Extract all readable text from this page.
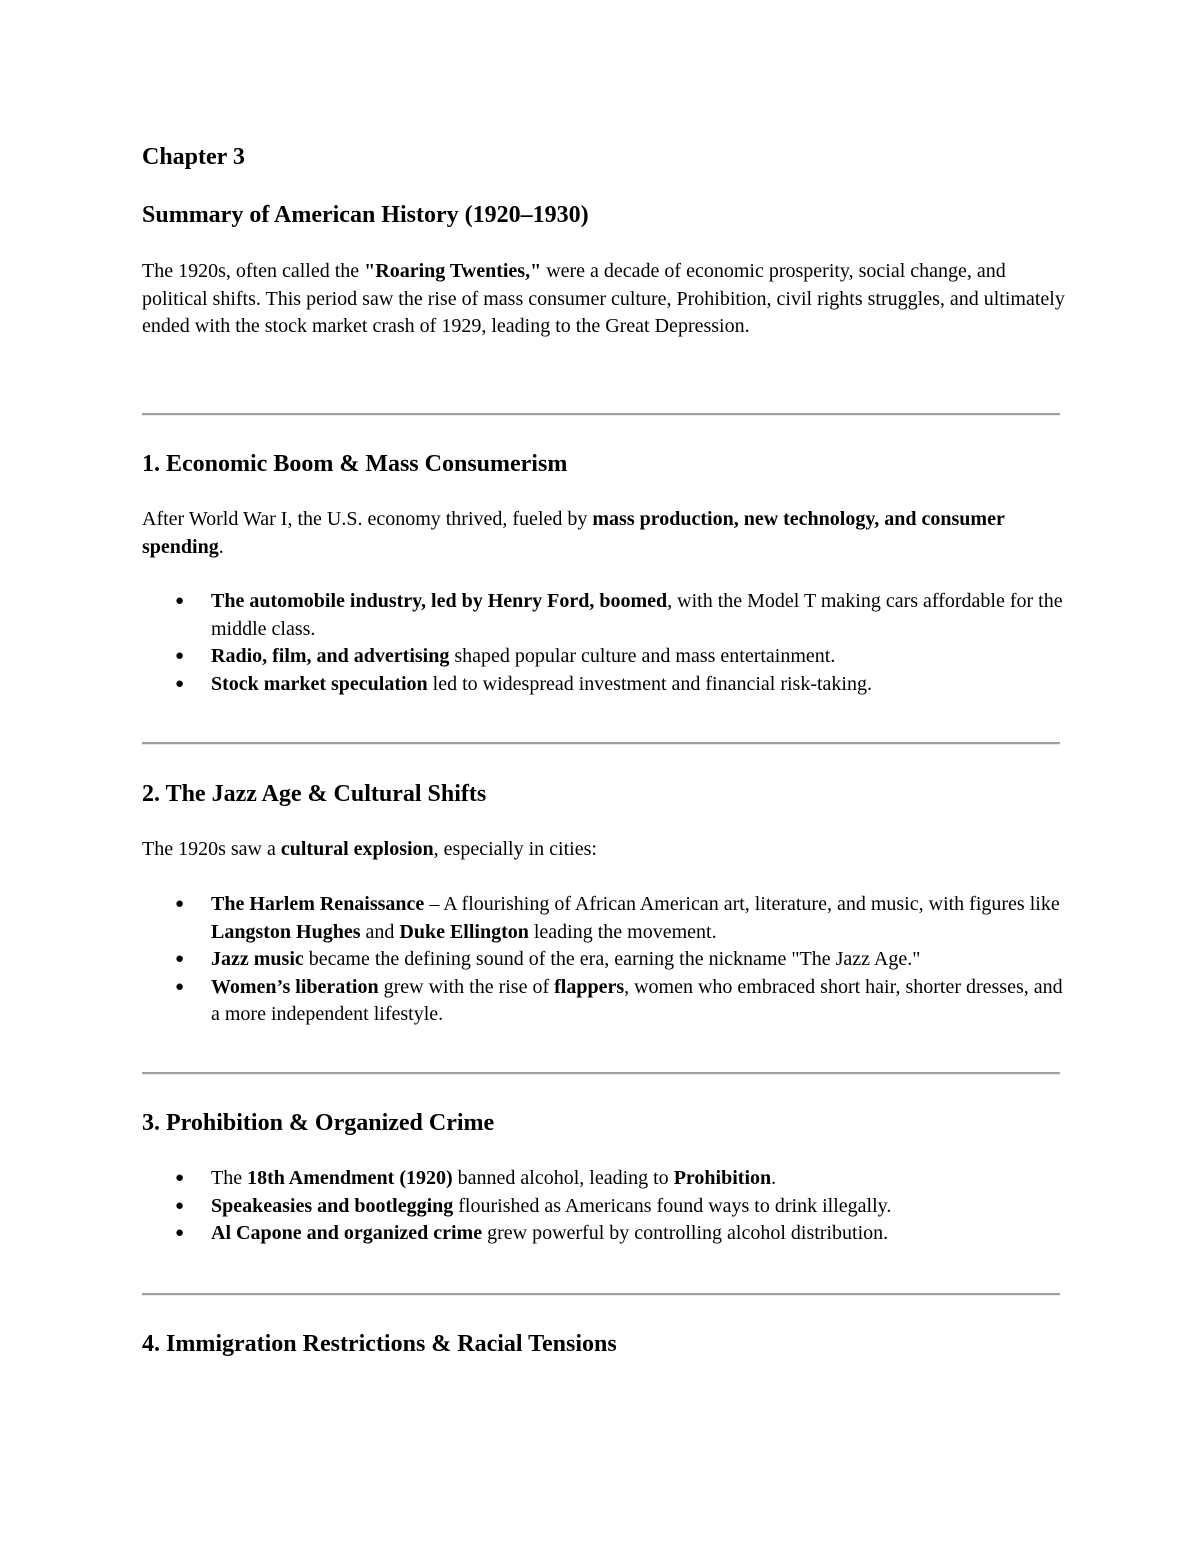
Chapter 3
Summary of American History (1920–1930)
The 1920s, often called the "Roaring Twenties," were a decade of economic prosperity, social change, and political shifts. This period saw the rise of mass consumer culture, Prohibition, civil rights struggles, and ultimately ended with the stock market crash of 1929, leading to the Great Depression.
1. Economic Boom & Mass Consumerism
After World War I, the U.S. economy thrived, fueled by mass production, new technology, and consumer spending.
● The automobile industry, led by Henry Ford, boomed, with the Model T making cars affordable for the middle class.
● Radio, film, and advertising shaped popular culture and mass entertainment.
● Stock market speculation led to widespread investment and financial risk-taking.
2. The Jazz Age & Cultural Shifts
The 1920s saw a cultural explosion, especially in cities:
● The Harlem Renaissance – A flourishing of African American art, literature, and music, with figures like Langston Hughes and Duke Ellington leading the movement.
● Jazz music became the defining sound of the era, earning the nickname "The Jazz Age."
● Women’s liberation grew with the rise of flappers, women who embraced short hair, shorter dresses, and a more independent lifestyle.
3. Prohibition & Organized Crime
● The 18th Amendment (1920) banned alcohol, leading to Prohibition.
● Speakeasies and bootlegging flourished as Americans found ways to drink illegally.
● Al Capone and organized crime grew powerful by controlling alcohol distribution.
4. Immigration Restrictions & Racial Tensions
